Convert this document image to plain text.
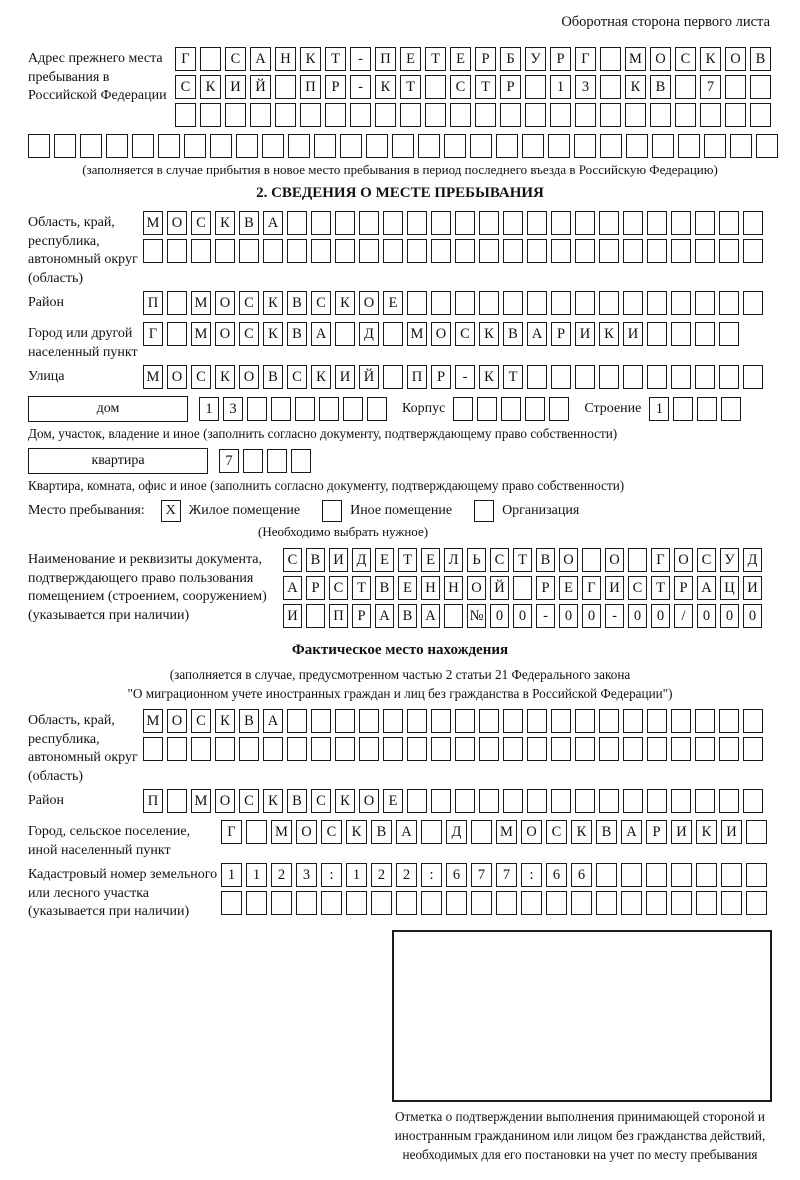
Оборотная сторона первого листа
Адрес прежнего места пребывания в Российской Федерации
Г	С	А	Н	К	Т	-	П	Е	Т	Е	Р	Б	У	Р	Г	М О	С	К	О	В
С	К	И	Й	П	Р	-	К	Т	С	Т	Р	1	3	К	В	7
(заполняется в случае прибытия в новое место пребывания в период последнего въезда в Российскую Федерацию)
2. СВЕДЕНИЯ О МЕСТЕ ПРЕБЫВАНИЯ
Область, край, республика, автономный округ (область)
М О С К В А
Район	П	М О С К В С К О Е
Город или другой населенный пункт
Г	М О С К В А	Д	М О С К В А	Р	И К И
Улица	М О С К О В С К И Й	П	Р	-	К	Т
дом	1	3	Корпус	Строение 1
Дом, участок, владение и иное (заполнить согласно документу, подтверждающему право собственности)
квартира	7
Квартира, комната, офис и иное (заполнить согласно документу, подтверждающему право собственности)
Место пребывания:	X Жилое помещение	Иное помещение	Организация
(Необходимо выбрать нужное)
Наименование и реквизиты документа, подтверждающего право пользования помещением (строением, сооружением) (указывается при наличии)
С В И Д Е Т Е Л Ь С Т В О О	Г О С У Д
А Р С Т В Е Н Н О Й	Р	Е Г И С Т	Р А Ц И
И П Р А В А № 0	0	-	0	0	-	0	0	/	0	0	0
Фактическое место нахождения
(заполняется в случае, предусмотренном частью 2 статьи 21 Федерального закона
"О миграционном учете иностранных граждан и лиц без гражданства в Российской Федерации")
Область, край, республика, автономный округ (область)
М О С К В А
Район	П	М О С К В С К О Е
Город, сельское поселение, иной населенный пункт
Г	М О	С	К	В	А	Д	М О	С	К	В	А	Р	И	К	И
Кадастровый номер земельного или лесного участка (указывается при наличии)
1	1	2	3	:	1	2	2	:	6	7	7	:	6	6
Отметка о подтверждении выполнения принимающей стороной и иностранным гражданином или лицом без гражданства действий, необходимых для его постановки на учет по месту пребывания
